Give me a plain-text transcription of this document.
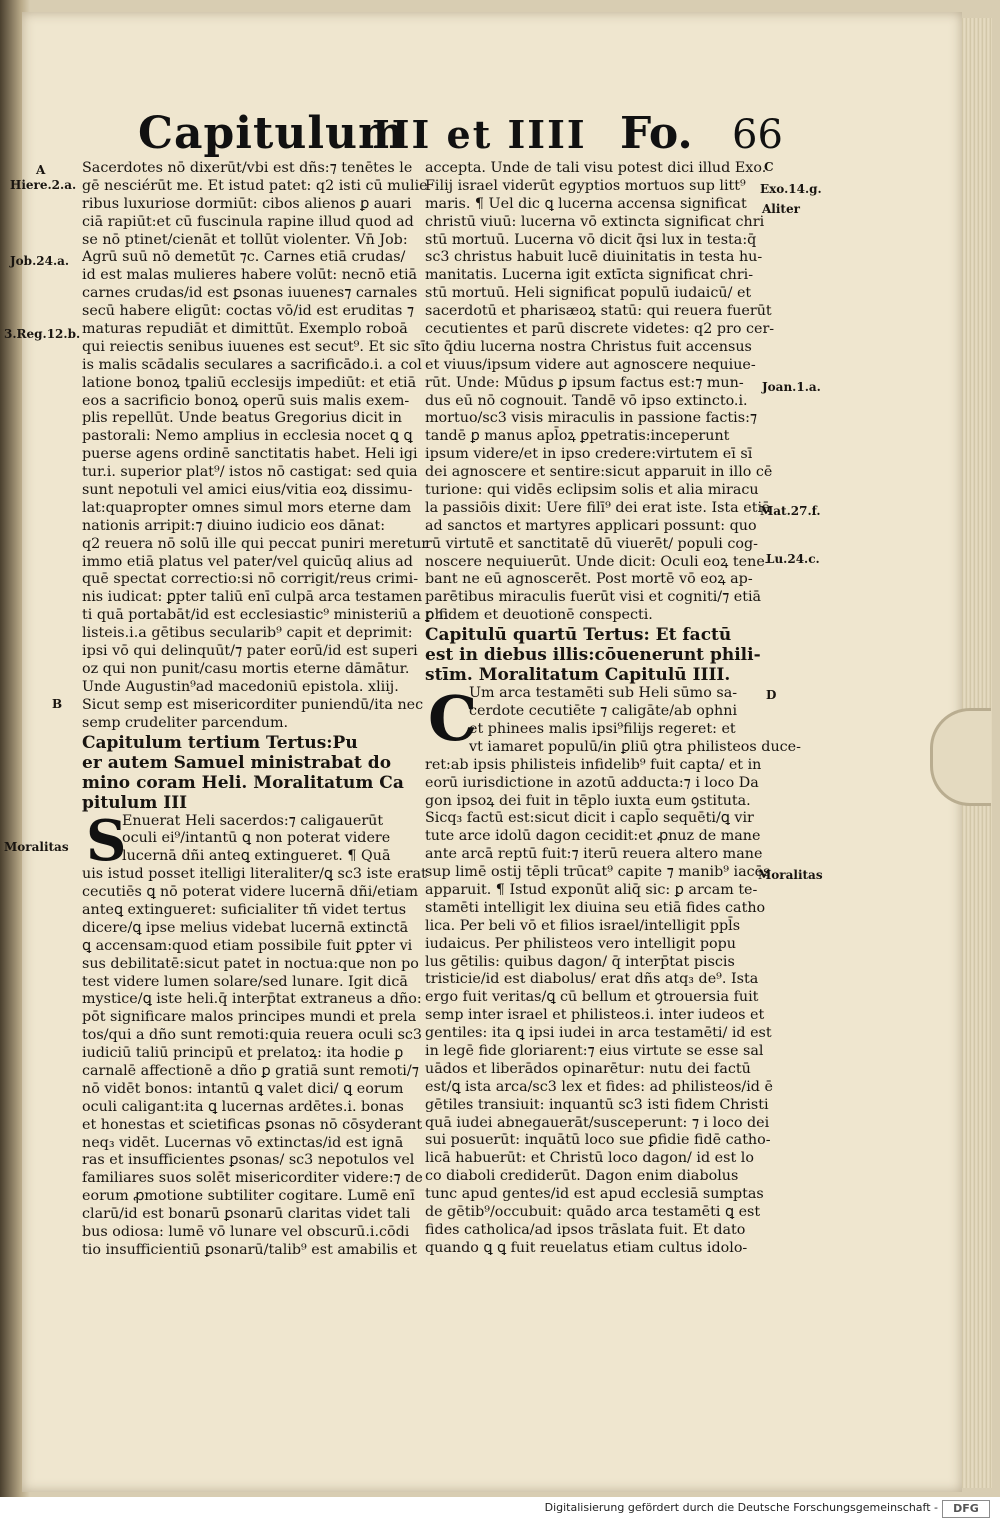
Capitulum
III et IIII Fo. 66
Sacerdotes nō dixerūt/vbi est dñs:⁊ tenētes le
gē nesciérūt me. Et istud patet: q2 isti cū mulie
ribus luxuriose dormiūt: cibos alienos ꝑ auari
ciā rapiūt:et cū fuscinula rapine illud quod ad
se nō ptinet/cienāt et tollūt violenter. Vn̄ Job:
Agrū suū nō demetūt ⁊c. Carnes etiā crudas/
id est malas mulieres habere volūt: necnō etiā
carnes crudas/id est ꝑsonas iuuenes⁊ carnales
secū habere eligūt: coctas vō/id est eruditas ⁊
maturas repudiāt et dimittūt. Exemplo roboā
qui reiectis senibus iuuenes est secut⁹. Et sic sī
is malis scādalis seculares a sacrificādo.i. a col
latione bonoꝝ tꝑaliū ecclesijs impediūt: et etiā
eos a sacrificio bonoꝝ operū suis malis exem-
plis repellūt. Unde beatus Gregorius dicit in
pastorali: Nemo amplius in ecclesia nocet ꝗ ꝗ
puerse agens ordinē sanctitatis habet. Heli igi
tur.i. superior plat⁹/ istos nō castigat: sed quia
sunt nepotuli vel amici eius/vitia eoꝝ dissimu-
lat:quapropter omnes simul mors eterne dam
nationis arripit:⁊ diuino iudicio eos dānat:
q2 reuera nō solū ille qui peccat puniri meretur
immo etiā platus vel pater/vel quicūq alius ad
quē spectat correctio:si nō corrigit/reus crimi-
nis iudicat: ꝑpter taliū enī culpā arca testamen
ti quā portabāt/id est ecclesiastic⁹ ministeriū a phi
listeis.i.a gētibus secularib⁹ capit et deprimit:
ipsi vō qui delinquūt/⁊ pater eorū/id est superi
oz qui non punit/casu mortis eterne dāmātur.
Unde Augustin⁹ad macedoniū epistola. xliij.
Sicut semp est misericorditer puniendū/ita nec
semp crudeliter parcendum.
Capitulum tertium Tertus:Pu
er autem Samuel ministrabat do
mino coram Heli. Moralitatum Ca
pitulum III
Enuerat Heli sacerdos:⁊ caligauerūt
oculi ei⁹/intantū ꝗ non poterat videre
lucernā dñi anteꝗ extingueret. ¶ Quā
uis istud posset itelligi literaliter/ꝗ sc3 iste erat
cecutiēs ꝗ nō poterat videre lucernā dñi/etiam
anteꝗ extingueret: suficialiter tñ videt tertus
dicere/ꝗ ipse melius videbat lucernā extinctā
ꝗ accensam:quod etiam possibile fuit ꝑpter vi
sus debilitatē:sicut patet in noctua:que non po
test videre lumen solare/sed lunare. Igit dicā
mystice/ꝗ iste heli.q̄ interp̄tat extraneus a dño:
pōt significare malos principes mundi et prela
tos/qui a dño sunt remoti:quia reuera oculi sc3
iudiciū taliū principū et prelatoꝝ: ita hodie ꝑ
carnalē affectionē a dño ꝑ gratiā sunt remoti/⁊
nō vidēt bonos: intantū ꝗ valet dici/ ꝗ eorum
oculi caligant:ita ꝗ lucernas ardētes.i. bonas
et honestas et scietificas ꝑsonas nō cōsyderant
neq₃ vidēt. Lucernas vō extinctas/id est ignā
ras et insufficientes ꝑsonas/ sc3 nepotulos vel
familiares suos solēt misericorditer videre:⁊ de
eorum ꝓmotione subtiliter cogitare. Lumē enī
clarū/id est bonarū ꝑsonarū claritas videt tali
bus odiosa: lumē vō lunare vel obscurū.i.cōdi
tio insufficientiū ꝑsonarū/talib⁹ est amabilis et
accepta. Unde de tali visu potest dici illud Exo.
Filij israel viderūt egyptios mortuos sup litt⁹
maris. ¶ Uel dic ꝗ lucerna accensa significat
christū viuū: lucerna vō extincta significat chri
stū mortuū. Lucerna vō dicit q̄si lux in testa:q̄
sc3 christus habuit lucē diuinitatis in testa hu-
manitatis. Lucerna igit extīcta significat chri-
stū mortuū. Heli significat populū iudaicū/ et
sacerdotū et pharisæoꝝ statū: qui reuera fuerūt
cecutientes et parū discrete videtes: q2 pro cer-
to q̄diu lucerna nostra Christus fuit accensus
et viuus/ipsum videre aut agnoscere nequiue-
rūt. Unde: Mūdus ꝑ ipsum factus est:⁊ mun-
dus eū nō cognouit. Tandē vō ipso extincto.i.
mortuo/sc3 visis miraculis in passione factis:⁊
tandē ꝑ manus apl̄oꝝ ꝑpetratis:inceperunt
ipsum videre/et in ipso credere:virtutem eī sī
dei agnoscere et sentire:sicut apparuit in illo cē
turione: qui vidēs eclipsim solis et alia miracu
la passiōis dixit: Uere filī⁹ dei erat iste. Ista etiā
ad sanctos et martyres applicari possunt: quo
rū virtutē et sanctitatē dū viuerēt/ populi cog-
noscere nequiuerūt. Unde dicit: Oculi eoꝝ tene-
bant ne eū agnoscerēt. Post mortē vō eoꝝ ap-
parētibus miraculis fuerūt visi et cogniti/⁊ etiā
ꝑ fidem et deuotionē conspecti.
Capitulū quartū Tertus: Et factū
est in diebus illis:cōuenerunt phili-
stīm. Moralitatum Capitulū IIII.
Um arca testamēti sub Heli sūmo sa-
cerdote cecutiēte ⁊ caligāte/ab ophni
et phinees malis ipsi⁹filijs regeret: et
vt iamaret populū/in ꝑliū ꝯtra philisteos duce-
ret:ab ipsis philisteis infidelib⁹ fuit capta/ et in
eorū iurisdictione in azotū adducta:⁊ i loco Da
gon ipsoꝝ dei fuit in tēplo iuxta eum ꝯstituta.
Sicq₃ factū est:sicut dicit i capl̄o sequēti/ꝗ vir
tute arce idolū dagon cecidit:et ꝓnuz de mane
ante arcā reptū fuit:⁊ iterū reuera altero mane
sup limē ostij tēpli trūcat⁹ capite ⁊ manib⁹ iacēs
apparuit. ¶ Istud exponūt aliq̄ sic: ꝑ arcam te-
stamēti intelligit lex diuina seu etiā fides catho
lica. Per beli vō et filios israel/intelligit ppl̄s
iudaicus. Per philisteos vero intelligit popu
lus gētilis: quibus dagon/ q̄ interp̄tat piscis
tristicie/id est diabolus/ erat dñs atq₃ de⁹. Ista
ergo fuit veritas/ꝗ cū bellum et ꝯtrouersia fuit
semp inter israel et philisteos.i. inter iudeos et
gentiles: ita ꝗ ipsi iudei in arca testamēti/ id est
in legē fide gloriarent:⁊ eius virtute se esse sal
uādos et liberādos opinarētur: nutu dei factū
est/ꝗ ista arca/sc3 lex et fides: ad philisteos/id ē
gētiles transiuit: inquantū sc3 isti fidem Christi
quā iudei abnegauerāt/susceperunt: ⁊ i loco dei
sui posuerūt: inquātū loco sue ꝑfidie fidē catho-
licā habuerūt: et Christū loco dagon/ id est lo
co diaboli crediderūt. Dagon enim diabolus
tunc apud gentes/id est apud ecclesiā sumptas
de gētib⁹/occubuit: quādo arca testamēti ꝗ est
fides catholica/ad ipsos trāslata fuit. Et dato
quando ꝗ ꝗ fuit reuelatus etiam cultus idolo-
A
Hiere.2.a.
Job.24.a.
3.Reg.12.b.
B
Moralitas
C
Exo.14.g.
Aliter
Joan.1.a.
Mat.27.f.
Lu.24.c.
D
Moralitas
S
C
Digitalisierung gefördert durch die Deutsche Forschungsgemeinschaft -	DFG
